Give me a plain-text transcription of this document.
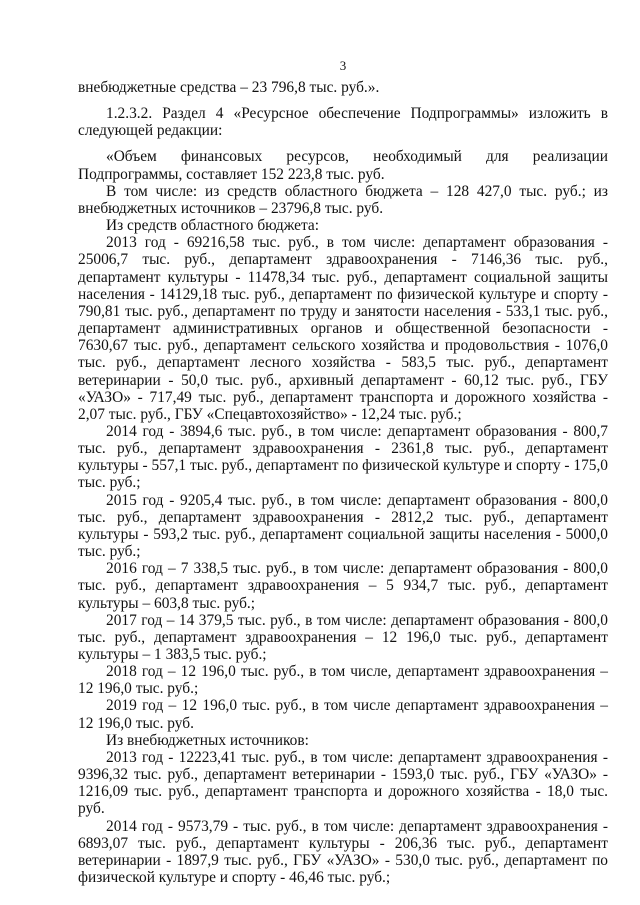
3

внебюджетные средства – 23 796,8 тыс. руб.».

1.2.3.2. Раздел 4 «Ресурсное обеспечение Подпрограммы» изложить в следующей редакции:

«Объем финансовых ресурсов, необходимый для реализации Подпрограммы, составляет 152 223,8 тыс. руб.

В том числе: из средств областного бюджета – 128 427,0 тыс. руб.; из внебюджетных источников – 23796,8 тыс. руб.

Из средств областного бюджета:

2013 год - 69216,58 тыс. руб., в том числе: департамент образования - 25006,7 тыс. руб., департамент здравоохранения - 7146,36 тыс. руб., департамент культуры - 11478,34 тыс. руб., департамент социальной защиты населения - 14129,18 тыс. руб., департамент по физической культуре и спорту - 790,81 тыс. руб., департамент по труду и занятости населения - 533,1 тыс. руб., департамент административных органов и общественной безопасности - 7630,67 тыс. руб., департамент сельского хозяйства и продовольствия - 1076,0 тыс. руб., департамент лесного хозяйства - 583,5 тыс. руб., департамент ветеринарии - 50,0 тыс. руб., архивный департамент - 60,12 тыс. руб., ГБУ «УАЗО» - 717,49 тыс. руб., департамент транспорта и дорожного хозяйства - 2,07 тыс. руб., ГБУ «Спецавтохозяйство» - 12,24 тыс. руб.;

2014 год - 3894,6 тыс. руб., в том числе: департамент образования - 800,7 тыс. руб., департамент здравоохранения - 2361,8 тыс. руб., департамент культуры - 557,1 тыс. руб., департамент по физической культуре и спорту - 175,0 тыс. руб.;

2015 год - 9205,4 тыс. руб., в том числе: департамент образования - 800,0 тыс. руб., департамент здравоохранения - 2812,2 тыс. руб., департамент культуры - 593,2 тыс. руб., департамент социальной защиты населения - 5000,0 тыс. руб.;

2016 год – 7 338,5 тыс. руб., в том числе: департамент образования - 800,0 тыс. руб., департамент здравоохранения – 5 934,7 тыс. руб., департамент культуры – 603,8 тыс. руб.;

2017 год – 14 379,5 тыс. руб., в том числе: департамент образования - 800,0 тыс. руб., департамент здравоохранения – 12 196,0 тыс. руб., департамент культуры – 1 383,5 тыс. руб.;

2018 год – 12 196,0 тыс. руб., в том числе, департамент здравоохранения – 12 196,0 тыс. руб.;

2019 год – 12 196,0 тыс. руб., в том числе департамент здравоохранения – 12 196,0 тыс. руб.

Из внебюджетных источников:

2013 год - 12223,41 тыс. руб., в том числе: департамент здравоохранения - 9396,32 тыс. руб., департамент ветеринарии - 1593,0 тыс. руб., ГБУ «УАЗО» - 1216,09 тыс. руб., департамент транспорта и дорожного хозяйства - 18,0 тыс. руб.

2014 год - 9573,79 - тыс. руб., в том числе: департамент здравоохранения - 6893,07 тыс. руб., департамент культуры - 206,36 тыс. руб., департамент ветеринарии - 1897,9 тыс. руб., ГБУ «УАЗО» - 530,0 тыс. руб., департамент по физической культуре и спорту - 46,46 тыс. руб.;
